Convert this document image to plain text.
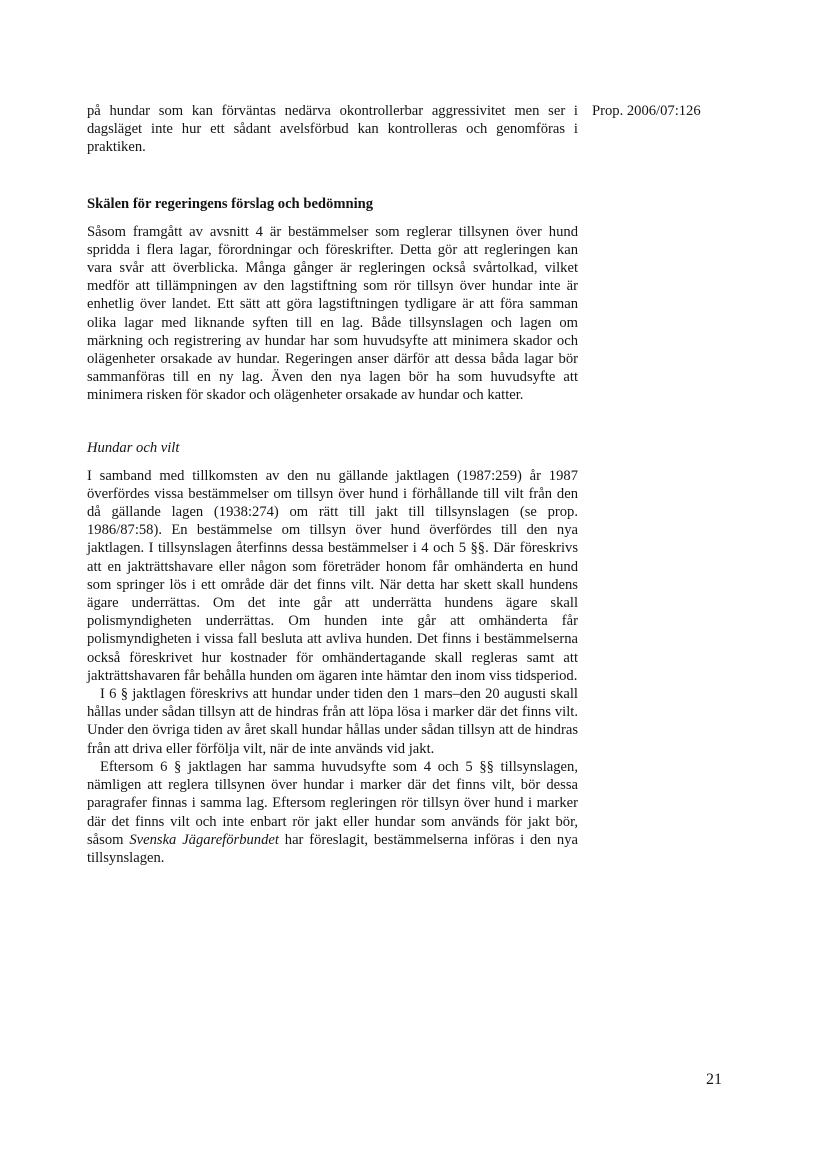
Prop. 2006/07:126

på hundar som kan förväntas nedärva okontrollerbar aggressivitet men ser i dagsläget inte hur ett sådant avelsförbud kan kontrolleras och genomföras i praktiken.

Skälen för regeringens förslag och bedömning

Såsom framgått av avsnitt 4 är bestämmelser som reglerar tillsynen över hund spridda i flera lagar, förordningar och föreskrifter. Detta gör att regleringen kan vara svår att överblicka. Många gånger är regleringen också svårtolkad, vilket medför att tillämpningen av den lagstiftning som rör tillsyn över hundar inte är enhetlig över landet. Ett sätt att göra lagstiftningen tydligare är att föra samman olika lagar med liknande syften till en lag. Både tillsynslagen och lagen om märkning och registrering av hundar har som huvudsyfte att minimera skador och olägenheter orsakade av hundar. Regeringen anser därför att dessa båda lagar bör sammanföras till en ny lag. Även den nya lagen bör ha som huvudsyfte att minimera risken för skador och olägenheter orsakade av hundar och katter.

Hundar och vilt

I samband med tillkomsten av den nu gällande jaktlagen (1987:259) år 1987 överfördes vissa bestämmelser om tillsyn över hund i förhållande till vilt från den då gällande lagen (1938:274) om rätt till jakt till tillsynslagen (se prop. 1986/87:58). En bestämmelse om tillsyn över hund överfördes till den nya jaktlagen. I tillsynslagen återfinns dessa bestämmelser i 4 och 5 §§. Där föreskrivs att en jakträttshavare eller någon som företräder honom får omhänderta en hund som springer lös i ett område där det finns vilt. När detta har skett skall hundens ägare underrättas. Om det inte går att underrätta hundens ägare skall polismyndigheten underrättas. Om hunden inte går att omhänderta får polismyndigheten i vissa fall besluta att avliva hunden. Det finns i bestämmelserna också föreskrivet hur kostnader för omhändertagande skall regleras samt att jakträttshavaren får behålla hunden om ägaren inte hämtar den inom viss tidsperiod.

I 6 § jaktlagen föreskrivs att hundar under tiden den 1 mars–den 20 augusti skall hållas under sådan tillsyn att de hindras från att löpa lösa i marker där det finns vilt. Under den övriga tiden av året skall hundar hållas under sådan tillsyn att de hindras från att driva eller förfölja vilt, när de inte används vid jakt.

Eftersom 6 § jaktlagen har samma huvudsyfte som 4 och 5 §§ tillsynslagen, nämligen att reglera tillsynen över hundar i marker där det finns vilt, bör dessa paragrafer finnas i samma lag. Eftersom regleringen rör tillsyn över hund i marker där det finns vilt och inte enbart rör jakt eller hundar som används för jakt bör, såsom Svenska Jägareförbundet har föreslagit, bestämmelserna införas i den nya tillsynslagen.

21
